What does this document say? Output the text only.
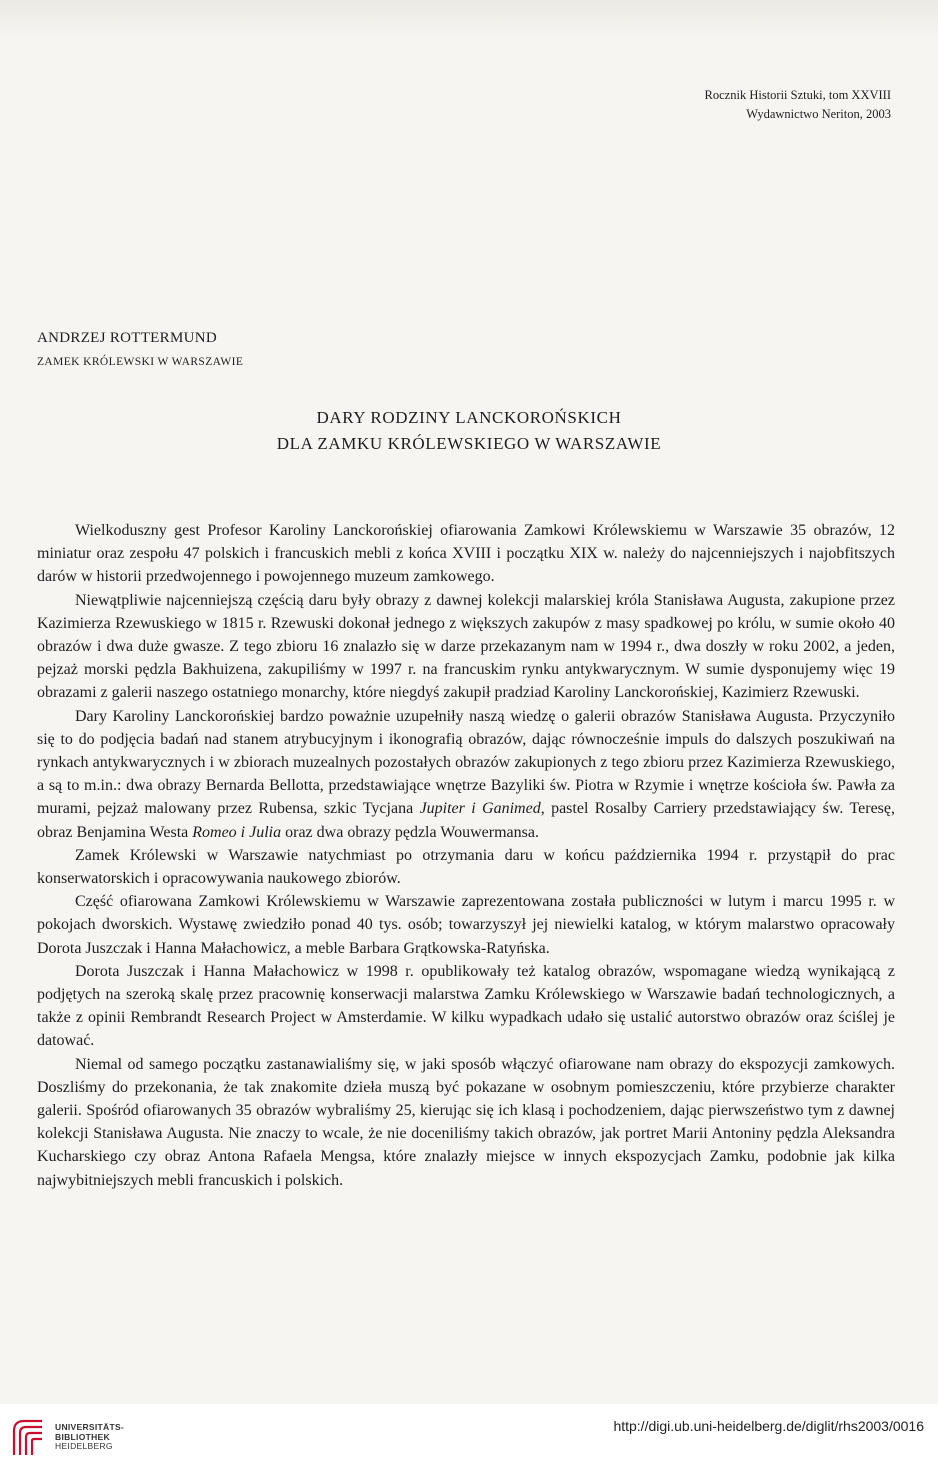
Rocznik Historii Sztuki, tom XXVIII
Wydawnictwo Neriton, 2003
ANDRZEJ ROTTERMUND
ZAMEK KRÓLEWSKI W WARSZAWIE
DARY RODZINY LANCKOROŃSKICH
DLA ZAMKU KRÓLEWSKIEGO W WARSZAWIE

Wielkoduszny gest Profesor Karoliny Lanckorońskiej ofiarowania Zamkowi Królewskiemu w Warszawie 35 obrazów, 12 miniatur oraz zespołu 47 polskich i francuskich mebli z końca XVIII i początku XIX w. należy do najcenniejszych i najobfitszych darów w historii przedwojennego i powojennego muzeum zamkowego.

Niewątpliwie najcenniejszą częścią daru były obrazy z dawnej kolekcji malarskiej króla Stanisława Augusta, zakupione przez Kazimierza Rzewuskiego w 1815 r. Rzewuski dokonał jednego z większych zakupów z masy spadkowej po królu, w sumie około 40 obrazów i dwa duże gwasze. Z tego zbioru 16 znalazło się w darze przekazanym nam w 1994 r., dwa doszły w roku 2002, a jeden, pejzaż morski pędzla Bakhuizena, zakupiliśmy w 1997 r. na francuskim rynku antykwarycznym. W sumie dysponujemy więc 19 obrazami z galerii naszego ostatniego monarchy, które niegdyś zakupił pradziad Karoliny Lanckorońskiej, Kazimierz Rzewuski.

Dary Karoliny Lanckorońskiej bardzo poważnie uzupełniły naszą wiedzę o galerii obrazów Stanisława Augusta. Przyczyniło się to do podjęcia badań nad stanem atrybucyjnym i ikonografią obrazów, dając równocześnie impuls do dalszych poszukiwań na rynkach antykwarycznych i w zbiorach muzealnych pozostałych obrazów zakupionych z tego zbioru przez Kazimierza Rzewuskiego, a są to m.in.: dwa obrazy Bernarda Bellotta, przedstawiające wnętrze Bazyliki św. Piotra w Rzymie i wnętrze kościoła św. Pawła za murami, pejzaż malowany przez Rubensa, szkic Tycjana Jupiter i Ganimed, pastel Rosalby Carriery przedstawiający św. Teresę, obraz Benjamina Westa Romeo i Julia oraz dwa obrazy pędzla Wouwermansa.

Zamek Królewski w Warszawie natychmiast po otrzymania daru w końcu października 1994 r. przystąpił do prac konserwatorskich i opracowywania naukowego zbiorów.

Część ofiarowana Zamkowi Królewskiemu w Warszawie zaprezentowana została publiczności w lutym i marcu 1995 r. w pokojach dworskich. Wystawę zwiedziło ponad 40 tys. osób; towarzyszył jej niewielki katalog, w którym malarstwo opracowały Dorota Juszczak i Hanna Małachowicz, a meble Barbara Grątkowska-Ratyńska.

Dorota Juszczak i Hanna Małachowicz w 1998 r. opublikowały też katalog obrazów, wspomagane wiedzą wynikającą z podjętych na szeroką skalę przez pracownię konserwacji malarstwa Zamku Królewskiego w Warszawie badań technologicznych, a także z opinii Rembrandt Research Project w Amsterdamie. W kilku wypadkach udało się ustalić autorstwo obrazów oraz ściślej je datować.

Niemal od samego początku zastanawialiśmy się, w jaki sposób włączyć ofiarowane nam obrazy do ekspozycji zamkowych. Doszliśmy do przekonania, że tak znakomite dzieła muszą być pokazane w osobnym pomieszczeniu, które przybierze charakter galerii. Spośród ofiarowanych 35 obrazów wybraliśmy 25, kierując się ich klasą i pochodzeniem, dając pierwszeństwo tym z dawnej kolekcji Stanisława Augusta. Nie znaczy to wcale, że nie doceniliśmy takich obrazów, jak portret Marii Antoniny pędzla Aleksandra Kucharskiego czy obraz Antona Rafaela Mengsa, które znalazły miejsce w innych ekspozycjach Zamku, podobnie jak kilka najwybitniejszych mebli francuskich i polskich.

UNIVERSITÄTS-
BIBLIOTHEK
HEIDELBERG
http://digi.ub.uni-heidelberg.de/diglit/rhs2003/0016
